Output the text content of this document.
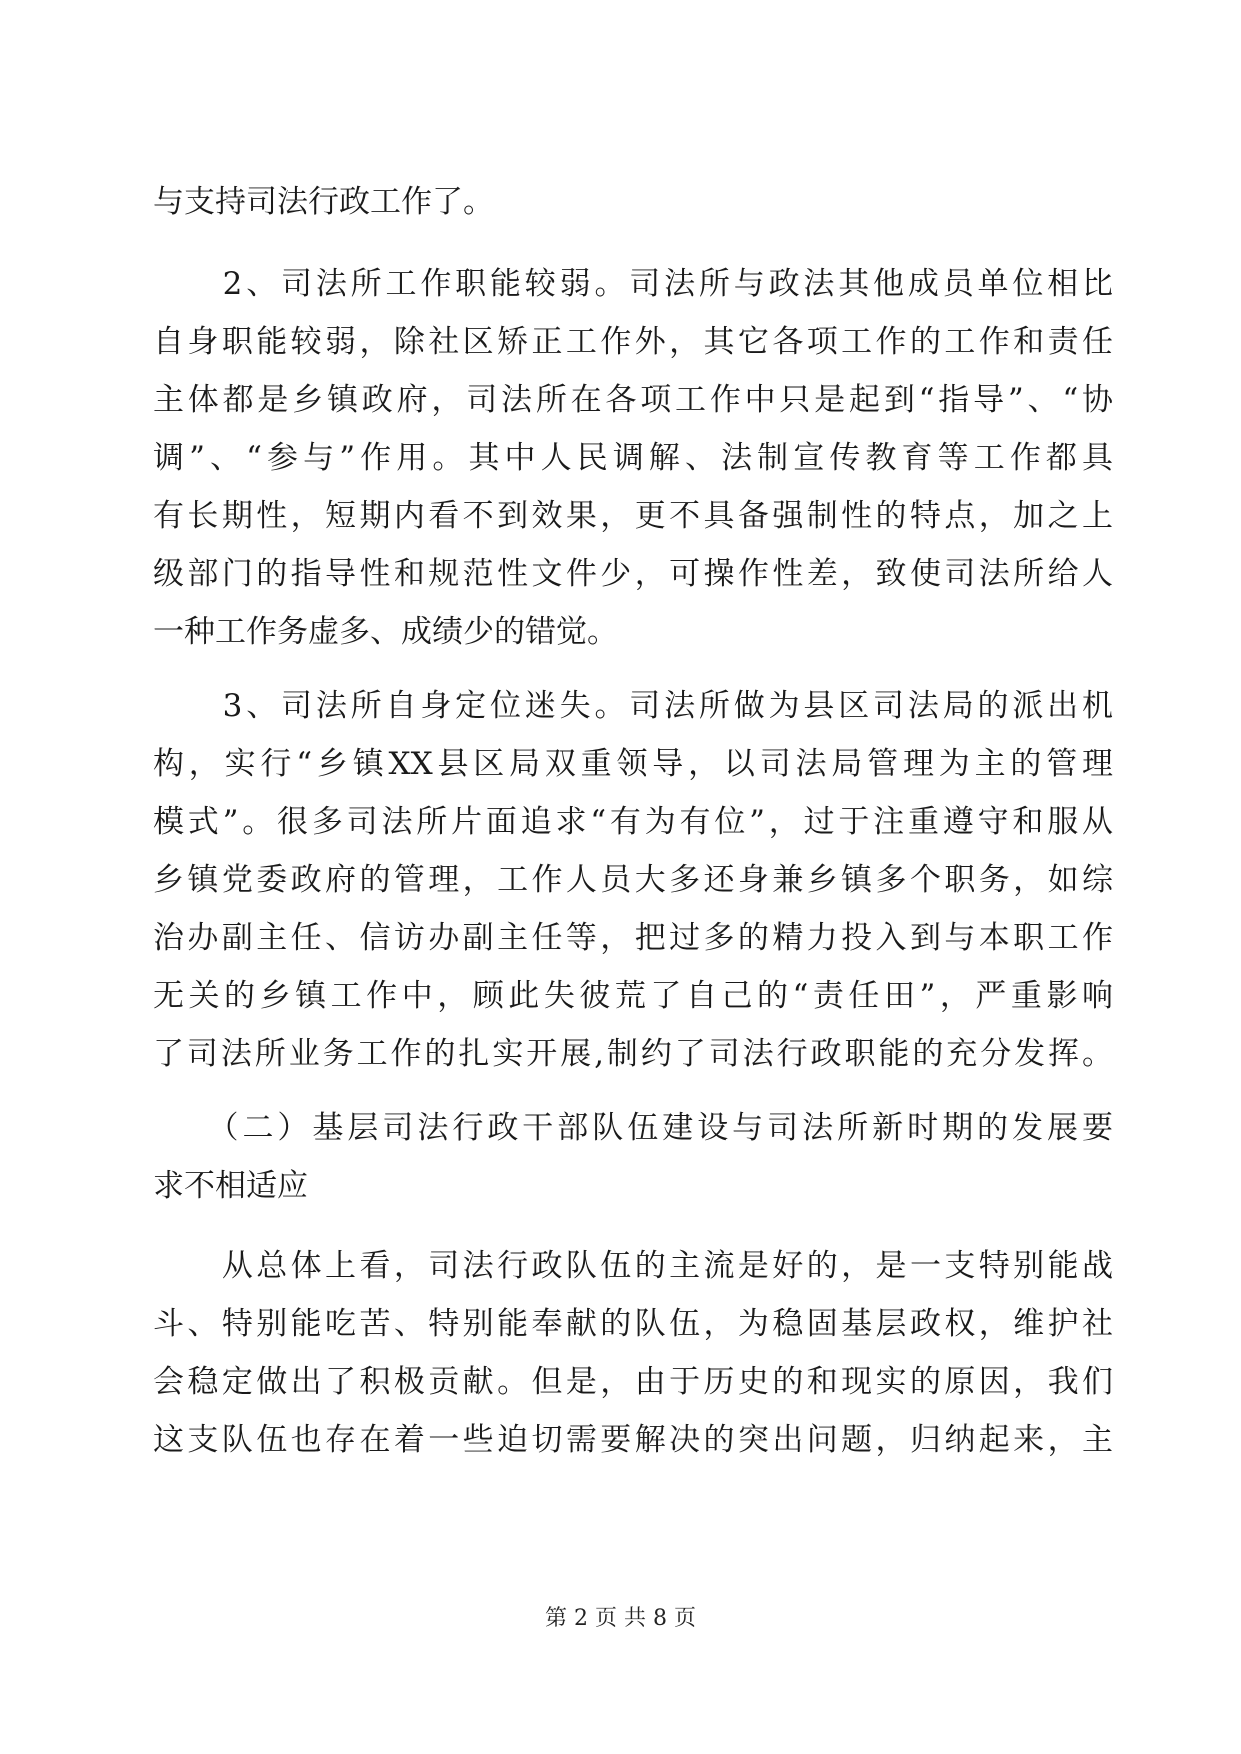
与支持司法行政工作了。
　　2、司法所工作职能较弱。司法所与政法其他成员单位相比
自身职能较弱，除社区矫正工作外，其它各项工作的工作和责任
主体都是乡镇政府，司法所在各项工作中只是起到“指导”、“协
调”、“参与”作用。其中人民调解、法制宣传教育等工作都具
有长期性，短期内看不到效果，更不具备强制性的特点，加之上
级部门的指导性和规范性文件少，可操作性差，致使司法所给人
一种工作务虚多、成绩少的错觉。
　　3、司法所自身定位迷失。司法所做为县区司法局的派出机
构，实行“乡镇XX县区局双重领导，以司法局管理为主的管理
模式”。很多司法所片面追求“有为有位”，过于注重遵守和服从
乡镇党委政府的管理，工作人员大多还身兼乡镇多个职务，如综
治办副主任、信访办副主任等，把过多的精力投入到与本职工作
无关的乡镇工作中，顾此失彼荒了自己的“责任田”，严重影响
了司法所业务工作的扎实开展,制约了司法行政职能的充分发挥。
　　（二）基层司法行政干部队伍建设与司法所新时期的发展要
求不相适应
　　从总体上看，司法行政队伍的主流是好的，是一支特别能战
斗、特别能吃苦、特别能奉献的队伍，为稳固基层政权，维护社
会稳定做出了积极贡献。但是，由于历史的和现实的原因，我们
这支队伍也存在着一些迫切需要解决的突出问题，归纳起来，主
第 2 页 共 8 页
